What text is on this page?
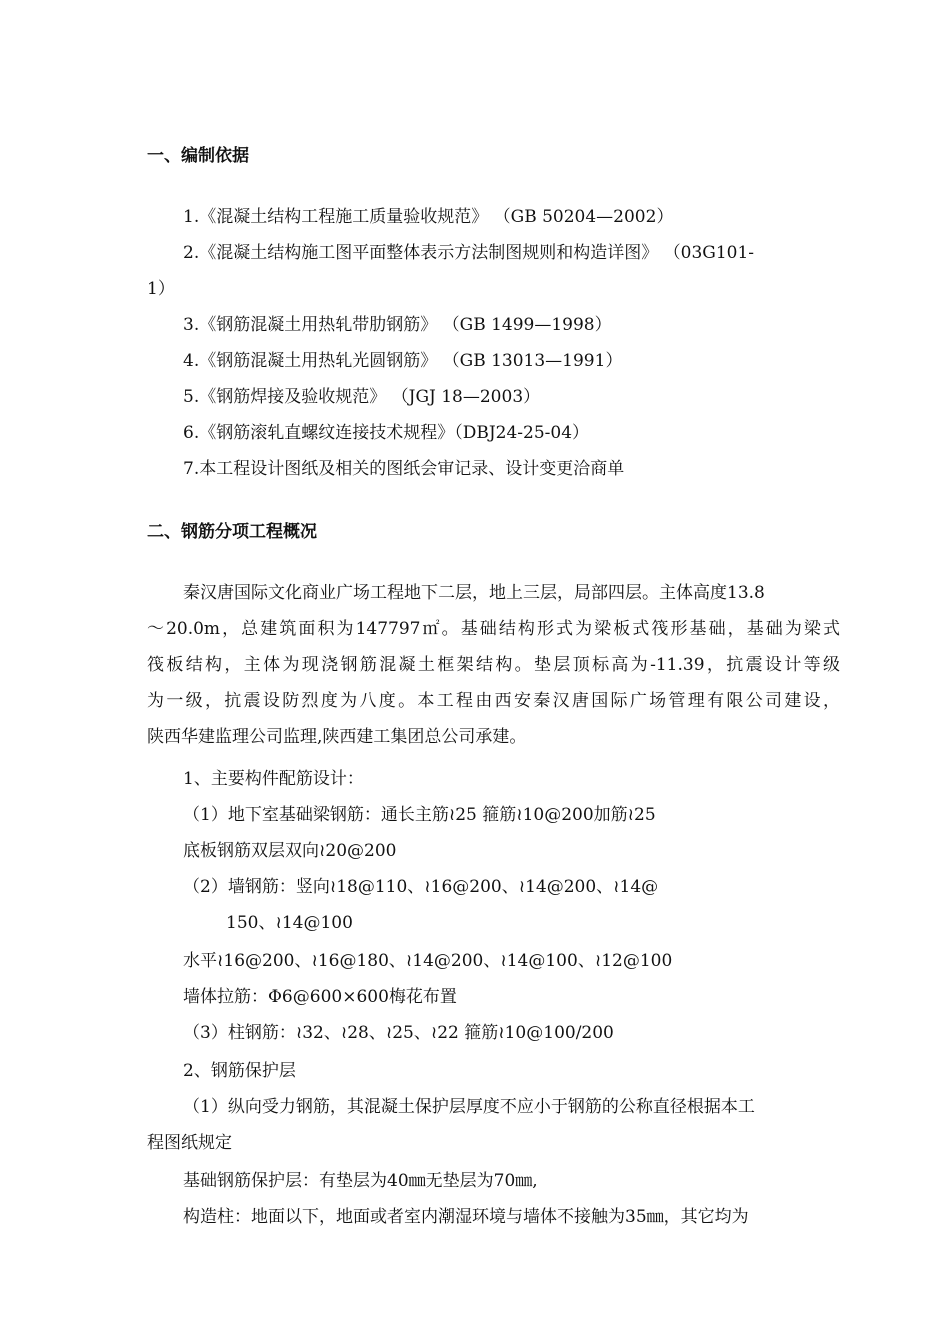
一、编制依据
1.《混凝土结构工程施工质量验收规范》 （GB 50204—2002）
2.《混凝土结构施工图平面整体表示方法制图规则和构造详图》 （03G101-
1）
3.《钢筋混凝土用热轧带肋钢筋》 （GB 1499—1998）
4.《钢筋混凝土用热轧光圆钢筋》 （GB 13013—1991）
5.《钢筋焊接及验收规范》 （JGJ 18—2003）
6.《钢筋滚轧直螺纹连接技术规程》（DBJ24-25-04）
7.本工程设计图纸及相关的图纸会审记录、设计变更洽商单
二、钢筋分项工程概况
秦汉唐国际文化商业广场工程地下二层，地上三层，局部四层。主体高度13.8
～20.0m，总建筑面积为147797㎡。基础结构形式为梁板式筏形基础，基础为梁式
筏板结构，主体为现浇钢筋混凝土框架结构。垫层顶标高为-11.39，抗震设计等级
为一级，抗震设防烈度为八度。本工程由西安秦汉唐国际广场管理有限公司建设，
陕西华建监理公司监理,陕西建工集团总公司承建。
1、主要构件配筋设计：
（1）地下室基础梁钢筋：通长主筋≀25 箍筋≀10@200加筋≀25
底板钢筋双层双向≀20@200
（2）墙钢筋：竖向≀18@110、≀16@200、≀14@200、≀14@
150、≀14@100
水平≀16@200、≀16@180、≀14@200、≀14@100、≀12@100
墙体拉筋：Φ6@600×600梅花布置
（3）柱钢筋：≀32、≀28、≀25、≀22 箍筋≀10@100/200
2、钢筋保护层
（1）纵向受力钢筋，其混凝土保护层厚度不应小于钢筋的公称直径根据本工
程图纸规定
基础钢筋保护层：有垫层为40㎜无垫层为70㎜,
构造柱：地面以下，地面或者室内潮湿环境与墙体不接触为35㎜，其它均为
